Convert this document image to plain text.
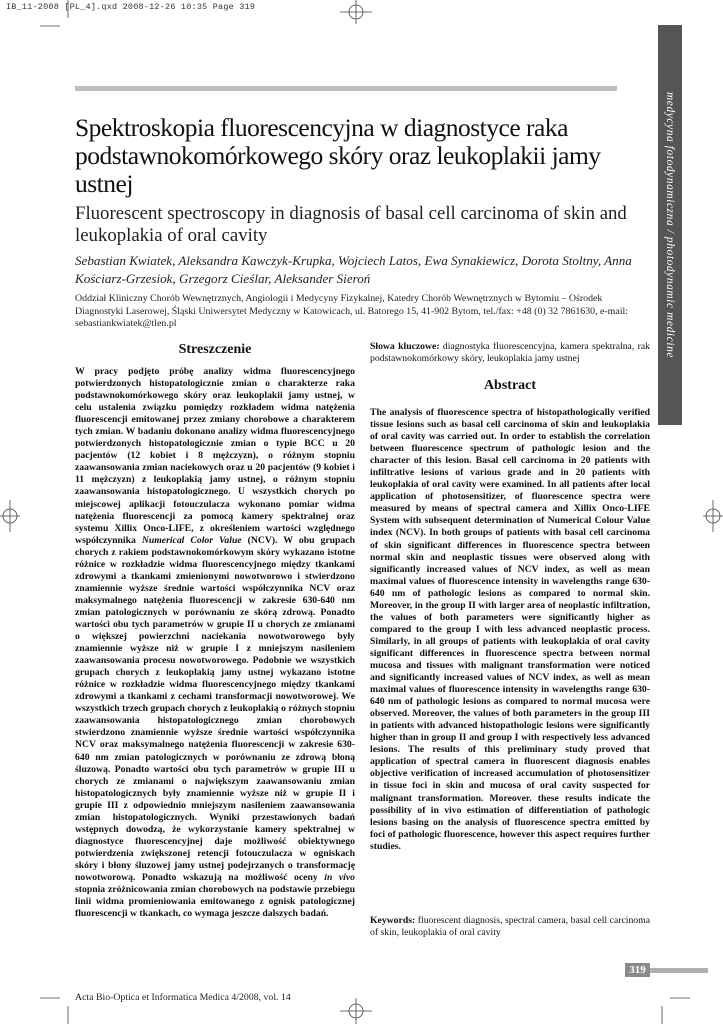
IB_11-2008 [PL_4].qxd 2008-12-26 10:35 Page 319
medycyna fotodynamiczna / photodynamic medicine
Spektroskopia fluorescencyjna w diagnostyce raka podstawnokomórkowego skóry oraz leukoplakii jamy ustnej
Fluorescent spectroscopy in diagnosis of basal cell carcinoma of skin and leukoplakia of oral cavity
Sebastian Kwiatek, Aleksandra Kawczyk-Krupka, Wojciech Latos, Ewa Synakiewicz, Dorota Stoltny, Anna Kościarz-Grzesiok, Grzegorz Cieślar, Aleksander Sieroń
Oddział Kliniczny Chorób Wewnętrznych, Angiologii i Medycyny Fizykalnej, Katedry Chorób Wewnętrznych w Bytomiu – Ośrodek Diagnostyki Laserowej, Śląski Uniwersytet Medyczny w Katowicach, ul. Batorego 15, 41-902 Bytom, tel./fax: +48 (0) 32 7861630, e-mail: sebastiankwiatek@tlen.pl
Streszczenie
W pracy podjęto próbę analizy widma fluorescencyjnego potwierdzonych histopatologicznie zmian o charakterze raka podstawnokomórkowego skóry oraz leukoplakii jamy ustnej, w celu ustalenia związku pomiędzy rozkładem widma natężenia fluorescencji emitowanej przez zmiany chorobowe a charakterem tych zmian. W badaniu dokonano analizy widma fluorescencyjnego potwierdzonych histopatologicznie zmian o typie BCC u 20 pacjentów (12 kobiet i 8 mężczyzn), o różnym stopniu zaawansowania zmian naciekowych oraz u 20 pacjentów (9 kobiet i 11 mężczyzn) z leukoplakią jamy ustnej, o różnym stopniu zaawansowania histopatologicznego. U wszystkich chorych po miejscowej aplikacji fotouczulacza wykonano pomiar widma natężenia fluorescencji za pomocą kamery spektralnej oraz systemu Xillix Onco-LIFE, z określeniem wartości względnego współczynnika Numerical Color Value (NCV). W obu grupach chorych z rakiem podstawnokomórkowym skóry wykazano istotne różnice w rozkładzie widma fluorescencyjnego między tkankami zdrowymi a tkankami zmienionymi nowotworowo i stwierdzono znamiennie wyższe średnie wartości współczynnika NCV oraz maksymalnego natężenia fluorescencji w zakresie 630-640 nm zmian patologicznych w porównaniu ze skórą zdrową. Ponadto wartości obu tych parametrów w grupie II u chorych ze zmianami o większej powierzchni naciekania nowotworowego były znamiennie wyższe niż w grupie I z mniejszym nasileniem zaawansowania procesu nowotworowego. Podobnie we wszystkich grupach chorych z leukoplakią jamy ustnej wykazano istotne różnice w rozkładzie widma fluorescencyjnego między tkankami zdrowymi a tkankami z cechami transformacji nowotworowej. We wszystkich trzech grupach chorych z leukoplakią o różnych stopniu zaawansowania histopatologicznego zmian chorobowych stwierdzono znamiennie wyższe średnie wartości współczynnika NCV oraz maksymalnego natężenia fluorescencji w zakresie 630-640 nm zmian patologicznych w porównaniu ze zdrową błoną śluzową. Ponadto wartości obu tych parametrów w grupie III u chorych ze zmianami o największym zaawansowaniu zmian histopatologicznych były znamiennie wyższe niż w grupie II i grupie III z odpowiednio mniejszym nasileniem zaawansowania zmian histopatologicznych. Wyniki przestawionych badań wstępnych dowodzą, że wykorzystanie kamery spektralnej w diagnostyce fluorescencyjnej daje możliwość obiektywnego potwierdzenia zwiększonej retencji fotouczulacza w ogniskach skóry i błony śluzowej jamy ustnej podejrzanych o transformację nowotworową. Ponadto wskazują na możliwość oceny in vivo stopnia zróżnicowania zmian chorobowych na podstawie przebiegu linii widma promieniowania emitowanego z ognisk patologicznej fluorescencji w tkankach, co wymaga jeszcze dalszych badań.
Słowa kluczowe: diagnostyka fluorescencyjna, kamera spektralna, rak podstawnokomórkowy skóry, leukoplakia jamy ustnej
Abstract
The analysis of fluorescence spectra of histopathologically verified tissue lesions such as basal cell carcinoma of skin and leukoplakia of oral cavity was carried out. In order to establish the correlation between fluorescence spectrum of pathologic lesion and the character of this lesion. Basal cell carcinoma in 20 patients with infiltrative lesions of various grade and in 20 patients with leukoplakia of oral cavity were examined. In all patients after local application of photosensitizer, of fluorescence spectra were measured by means of spectral camera and Xillix Onco-LIFE System with subsequent determination of Numerical Colour Value index (NCV). In both groups of patients with basal cell carcinoma of skin significant differences in fluorescence spectra between normal skin and neoplastic tissues were observed along with significantly increased values of NCV index, as well as mean maximal values of fluorescence intensity in wavelengths range 630-640 nm of pathologic lesions as compared to normal skin. Moreover, in the group II with larger area of neoplastic infiltration, the values of both parameters were significantly higher as compared to the group I with less advanced neoplastic process. Similarly, in all groups of patients with leukoplakia of oral cavity significant differences in fluorescence spectra between normal mucosa and tissues with malignant transformation were noticed and significantly increased values of NCV index, as well as mean maximal values of fluorescence intensity in wavelengths range 630-640 nm of pathologic lesions as compared to normal mucosa were observed. Moreover, the values of both parameters in the group III in patients with advanced histopathologic lesions were significantly higher than in group II and group I with respectively less advanced lesions. The results of this preliminary study proved that application of spectral camera in fluorescent diagnosis enables objective verification of increased accumulation of photosensitizer in tissue foci in skin and mucosa of oral cavity suspected for malignant transformation. Moreover. these results indicate the possibility of in vivo estimation of differentiation of pathologic lesions basing on the analysis of fluorescence spectra emitted by foci of pathologic fluorescence, however this aspect requires further studies.
Keywords: fluorescent diagnosis, spectral camera, basal cell carcinoma of skin, leukoplakia of oral cavity
319
Acta Bio-Optica et Informatica Medica 4/2008, vol. 14
